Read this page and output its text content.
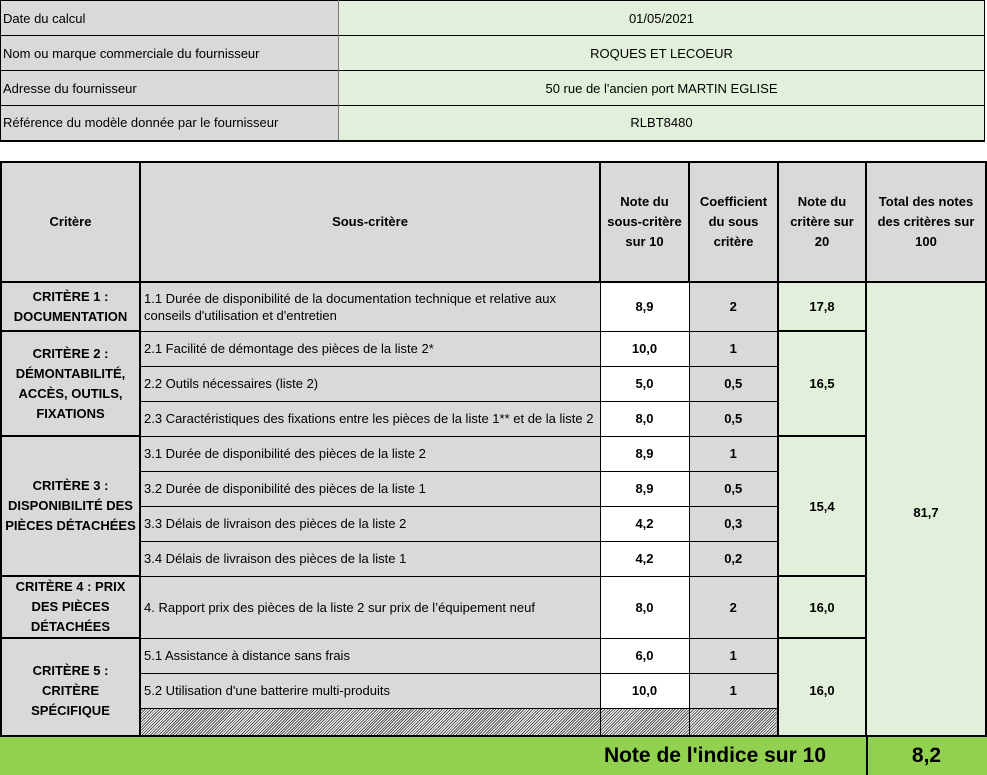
Date du calcul	01/05/2021
Nom ou marque commerciale du fournisseur	ROQUES ET LECOEUR
Adresse du fournisseur	50 rue de l'ancien port MARTIN EGLISE
Référence du modèle donnée par le fournisseur	RLBT8480
Critère	Sous-critère	Note du sous-critère sur 10	Coefficient du sous critère	Note du critère sur 20	Total des notes des critères sur 100
CRITÈRE 1 : DOCUMENTATION	1.1 Durée de disponibilité de la documentation technique et relative aux conseils d'utilisation et d'entretien	8,9	2	17,8	81,7
CRITÈRE 2 : DÉMONTABILITÉ, ACCÈS, OUTILS, FIXATIONS	2.1 Facilité de démontage des pièces de la liste 2*	10,0	1	16,5	
	2.2 Outils nécessaires (liste 2)	5,0	0,5		
	2.3 Caractéristiques des fixations entre les pièces de la liste 1** et de la liste 2	8,0	0,5		
CRITÈRE 3 : DISPONIBILITÉ DES PIÈCES DÉTACHÉES	3.1 Durée de disponibilité des pièces de la liste 2	8,9	1	15,4	
	3.2 Durée de disponibilité des pièces de la liste 1	8,9	0,5		
	3.3 Délais de livraison des pièces de la liste 2	4,2	0,3		
	3.4 Délais de livraison des pièces de la liste 1	4,2	0,2		
CRITÈRE 4 : PRIX DES PIÈCES DÉTACHÉES	4. Rapport prix des pièces de la liste 2 sur prix de l’équipement neuf	8,0	2	16,0	
CRITÈRE 5 : CRITÈRE SPÉCIFIQUE	5.1 Assistance à distance sans frais	6,0	1	16,0	
	5.2 Utilisation d'une batterire multi-produits	10,0	1		

Note de l'indice sur 10	8,2
